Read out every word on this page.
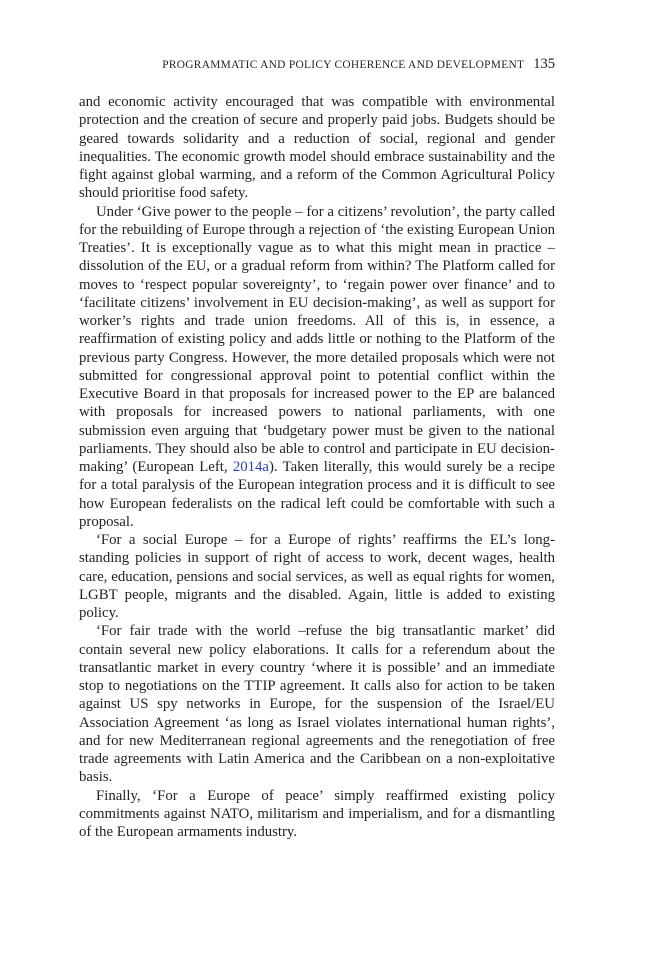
PROGRAMMATIC AND POLICY COHERENCE AND DEVELOPMENT 135

and economic activity encouraged that was compatible with environmental protection and the creation of secure and properly paid jobs. Budgets should be geared towards solidarity and a reduction of social, regional and gender inequalities. The economic growth model should embrace sustainability and the fight against global warming, and a reform of the Common Agricultural Policy should prioritise food safety.

Under ‘Give power to the people – for a citizens’ revolution’, the party called for the rebuilding of Europe through a rejection of ‘the existing European Union Treaties’. It is exceptionally vague as to what this might mean in practice – dissolution of the EU, or a gradual reform from within? The Platform called for moves to ‘respect popular sovereignty’, to ‘regain power over finance’ and to ‘facilitate citizens’ involvement in EU decision-making’, as well as support for worker’s rights and trade union freedoms. All of this is, in essence, a reaffirmation of existing policy and adds little or nothing to the Platform of the previous party Congress. However, the more detailed proposals which were not submitted for congressional approval point to potential conflict within the Executive Board in that proposals for increased power to the EP are balanced with proposals for increased powers to national parliaments, with one submission even arguing that ‘budgetary power must be given to the national parliaments. They should also be able to control and participate in EU decision-making’ (European Left, 2014a). Taken literally, this would surely be a recipe for a total paralysis of the European integration process and it is difficult to see how European federalists on the radical left could be comfortable with such a proposal.

‘For a social Europe – for a Europe of rights’ reaffirms the EL’s long-standing policies in support of right of access to work, decent wages, health care, education, pensions and social services, as well as equal rights for women, LGBT people, migrants and the disabled. Again, little is added to existing policy.

‘For fair trade with the world –refuse the big transatlantic market’ did contain several new policy elaborations. It calls for a referendum about the transatlantic market in every country ‘where it is possible’ and an immediate stop to negotiations on the TTIP agreement. It calls also for action to be taken against US spy networks in Europe, for the suspension of the Israel/EU Association Agreement ‘as long as Israel violates international human rights’, and for new Mediterranean regional agreements and the renegotiation of free trade agreements with Latin America and the Caribbean on a non-exploitative basis.

Finally, ‘For a Europe of peace’ simply reaffirmed existing policy commitments against NATO, militarism and imperialism, and for a dismantling of the European armaments industry.
